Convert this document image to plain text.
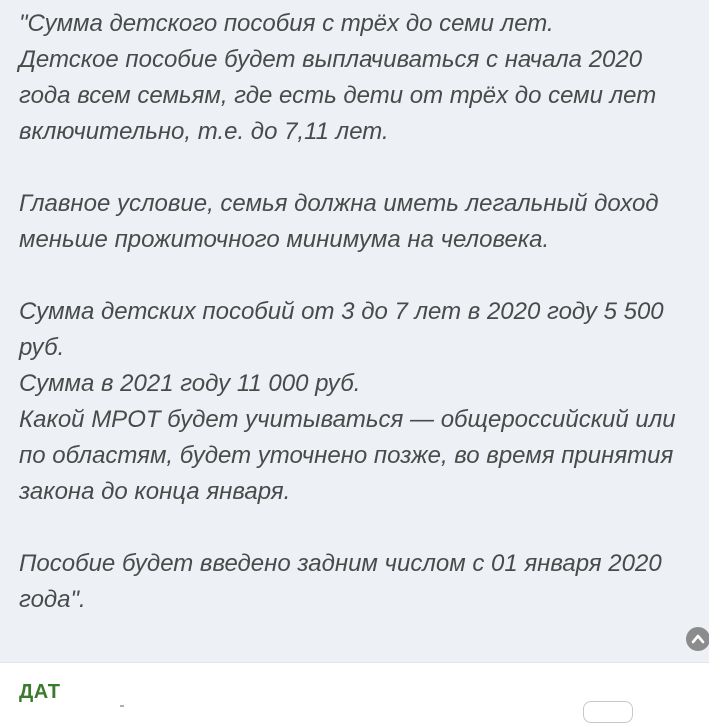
"Сумма детского пособия с трёх до семи лет.
Детское пособие будет выплачиваться с начала 2020
года всем семьям, где есть дети от трёх до семи лет
включительно, т.е. до 7,11 лет.
Главное условие, семья должна иметь легальный доход
меньше прожиточного минимума на человека.
Сумма детских пособий от 3 до 7 лет в 2020 году 5 500
руб.
Сумма в 2021 году 11 000 руб.
Какой МРОТ будет учитываться — общероссийский или
по областям, будет уточнено позже, во время принятия
закона до конца января.
Пособие будет введено задним числом с 01 января 2020
года".
ДАТ
